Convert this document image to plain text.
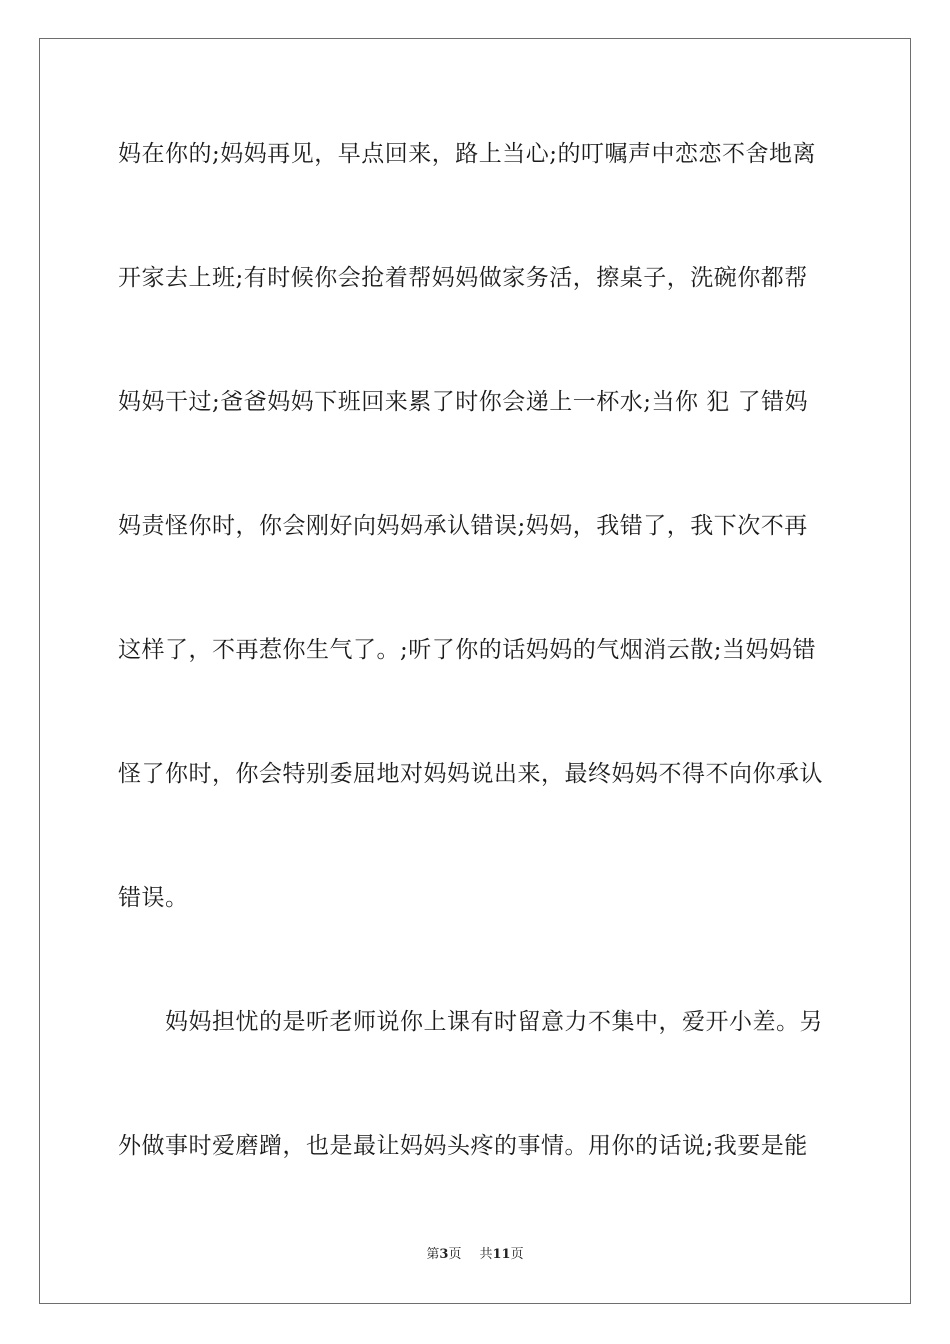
妈在你的;妈妈再见，早点回来，路上当心;的叮嘱声中恋恋不舍地离
开家去上班;有时候你会抢着帮妈妈做家务活，擦桌子，洗碗你都帮
妈妈干过;爸爸妈妈下班回来累了时你会递上一杯水;当你 犯 了错妈
妈责怪你时，你会刚好向妈妈承认错误;妈妈，我错了，我下次不再
这样了，不再惹你生气了。;听了你的话妈妈的气烟消云散;当妈妈错
怪了你时，你会特别委屈地对妈妈说出来，最终妈妈不得不向你承认
错误。
　　妈妈担忧的是听老师说你上课有时留意力不集中，爱开小差。另
外做事时爱磨蹭，也是最让妈妈头疼的事情。用你的话说;我要是能
第3页 共11页
